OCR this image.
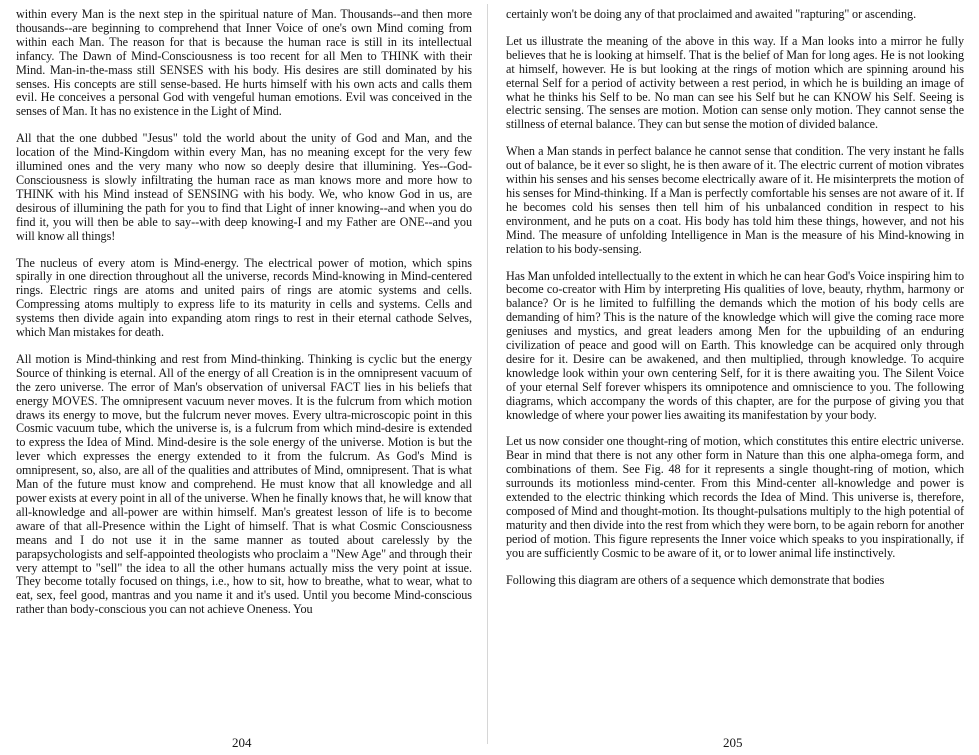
within every Man is the next step in the spiritual nature of Man. Thousands--and then more thousands--are beginning to comprehend that Inner Voice of one's own Mind coming from within each Man. The reason for that is because the human race is still in its intellectual infancy. The Dawn of Mind-Consciousness is too recent for all Men to THINK with their Mind. Man-in-the-mass still SENSES with his body. His desires are still dominated by his senses. His concepts are still sense-based. He hurts himself with his own acts and calls them evil. He conceives a personal God with vengeful human emotions. Evil was conceived in the senses of Man. It has no existence in the Light of Mind.

All that the one dubbed "Jesus" told the world about the unity of God and Man, and the location of the Mind-Kingdom within every Man, has no meaning except for the very few illumined ones and the very many who now so deeply desire that illumining. Yes--God-Consciousness is slowly infiltrating the human race as man knows more and more how to THINK with his Mind instead of SENSING with his body. We, who know God in us, are desirous of illumining the path for you to find that Light of inner knowing--and when you do find it, you will then be able to say--with deep knowing-I and my Father are ONE--and you will know all things!

The nucleus of every atom is Mind-energy. The electrical power of motion, which spins spirally in one direction throughout all the universe, records Mind-knowing in Mind-centered rings. Electric rings are atoms and united pairs of rings are atomic systems and cells. Compressing atoms multiply to express life to its maturity in cells and systems. Cells and systems then divide again into expanding atom rings to rest in their eternal cathode Selves, which Man mistakes for death.

All motion is Mind-thinking and rest from Mind-thinking. Thinking is cyclic but the energy Source of thinking is eternal. All of the energy of all Creation is in the omnipresent vacuum of the zero universe. The error of Man's observation of universal FACT lies in his beliefs that energy MOVES. The omnipresent vacuum never moves. It is the fulcrum from which motion draws its energy to move, but the fulcrum never moves. Every ultra-microscopic point in this Cosmic vacuum tube, which the universe is, is a fulcrum from which mind-desire is extended to express the Idea of Mind. Mind-desire is the sole energy of the universe. Motion is but the lever which expresses the energy extended to it from the fulcrum. As God's Mind is omnipresent, so, also, are all of the qualities and attributes of Mind, omnipresent. That is what Man of the future must know and comprehend. He must know that all knowledge and all power exists at every point in all of the universe. When he finally knows that, he will know that all-knowledge and all-power are within himself. Man's greatest lesson of life is to become aware of that all-Presence within the Light of himself. That is what Cosmic Consciousness means and I do not use it in the same manner as touted about carelessly by the parapsychologists and self-appointed theologists who proclaim a "New Age" and through their very attempt to "sell" the idea to all the other humans actually miss the very point at issue. They become totally focused on things, i.e., how to sit, how to breathe, what to wear, what to eat, sex, feel good, mantras and you name it and it's used. Until you become Mind-conscious rather than body-conscious you can not achieve Oneness. You

certainly won't be doing any of that proclaimed and awaited "rapturing" or ascending.

Let us illustrate the meaning of the above in this way. If a Man looks into a mirror he fully believes that he is looking at himself. That is the belief of Man for long ages. He is not looking at himself, however. He is but looking at the rings of motion which are spinning around his eternal Self for a period of activity between a rest period, in which he is building an image of what he thinks his Self to be. No man can see his Self but he can KNOW his Self. Seeing is electric sensing. The senses are motion. Motion can sense only motion. They cannot sense the stillness of eternal balance. They can but sense the motion of divided balance.

When a Man stands in perfect balance he cannot sense that condition. The very instant he falls out of balance, be it ever so slight, he is then aware of it. The electric current of motion vibrates within his senses and his senses become electrically aware of it. He misinterprets the motion of his senses for Mind-thinking. If a Man is perfectly comfortable his senses are not aware of it. If he becomes cold his senses then tell him of his unbalanced condition in respect to his environment, and he puts on a coat. His body has told him these things, however, and not his Mind. The measure of unfolding Intelligence in Man is the measure of his Mind-knowing in relation to his body-sensing.

Has Man unfolded intellectually to the extent in which he can hear God's Voice inspiring him to become co-creator with Him by interpreting His qualities of love, beauty, rhythm, harmony or balance? Or is he limited to fulfilling the demands which the motion of his body cells are demanding of him? This is the nature of the knowledge which will give the coming race more geniuses and mystics, and great leaders among Men for the upbuilding of an enduring civilization of peace and good will on Earth. This knowledge can be acquired only through desire for it. Desire can be awakened, and then multiplied, through knowledge. To acquire knowledge look within your own centering Self, for it is there awaiting you. The Silent Voice of your eternal Self forever whispers its omnipotence and omniscience to you. The following diagrams, which accompany the words of this chapter, are for the purpose of giving you that knowledge of where your power lies awaiting its manifestation by your body.

Let us now consider one thought-ring of motion, which constitutes this entire electric universe. Bear in mind that there is not any other form in Nature than this one alpha-omega form, and combinations of them. See Fig. 48 for it represents a single thought-ring of motion, which surrounds its motionless mind-center. From this Mind-center all-knowledge and power is extended to the electric thinking which records the Idea of Mind. This universe is, therefore, composed of Mind and thought-motion. Its thought-pulsations multiply to the high potential of maturity and then divide into the rest from which they were born, to be again reborn for another period of motion. This figure represents the Inner voice which speaks to you inspirationally, if you are sufficiently Cosmic to be aware of it, or to lower animal life instinctively.

Following this diagram are others of a sequence which demonstrate that bodies

204	205
